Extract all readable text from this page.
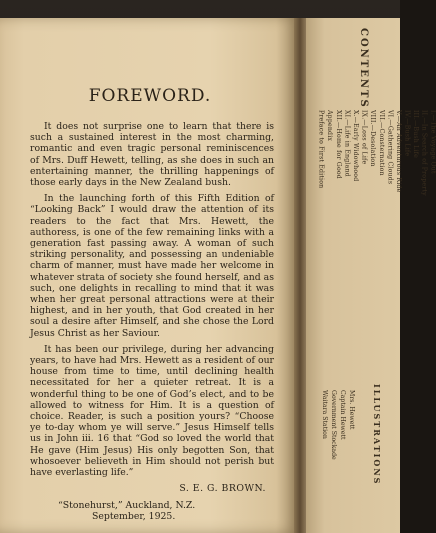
FOREWORD.

It does not surprise one to learn that there is such a sustained interest in the most charming, romantic and even tragic personal reminiscences of Mrs. Duff Hewett, telling, as she does in such an entertaining manner, the thrilling happenings of those early days in the New Zealand bush.

In the launching forth of this Fifth Edition of “Looking Back” I would draw the attention of its readers to the fact that Mrs. Hewett, the authoress, is one of the few remaining links with a generation fast passing away. A woman of such striking personality, and possessing an undeniable charm of manner, must have made her welcome in whatever strata of society she found herself, and as such, one delights in recalling to mind that it was when her great personal attractions were at their highest, and in her youth, that God created in her soul a desire after Himself, and she chose the Lord Jesus Christ as her Saviour.

It has been our privilege, during her advancing years, to have had Mrs. Hewett as a resident of our house from time to time, until declining health necessitated for her a quieter retreat. It is a wonderful thing to be one of God’s elect, and to be allowed to witness for Him. It is a question of choice. Reader, is such a position yours? “Choose ye to-day whom ye will serve.” Jesus Himself tells us in John iii. 16 that “God so loved the world that He gave (Him Jesus) His only begotten Son, that whosoever believeth in Him should not perish but have everlasting life.”

S. E. G. BROWN.
“Stonehurst,” Auckland, N.Z.
September, 1925.
CONTENTS
I.—The Voyage Out
II.—In Search of Property
III.—Bush Life
IV.—Bush Life
V.—An Adventurous Ride
VI.—Gathering Clouds
VII.—Consternation
VIII.—Desolation
IX.—Loss of Life
X.—Early Widowhood
XI.—Life in England
XII.—Home for Good
Appendix
Preface to First Edition
ILLUSTRATIONS
Mrs. Hewett
Captain Hewett
Government Stockade
Waitara Station
